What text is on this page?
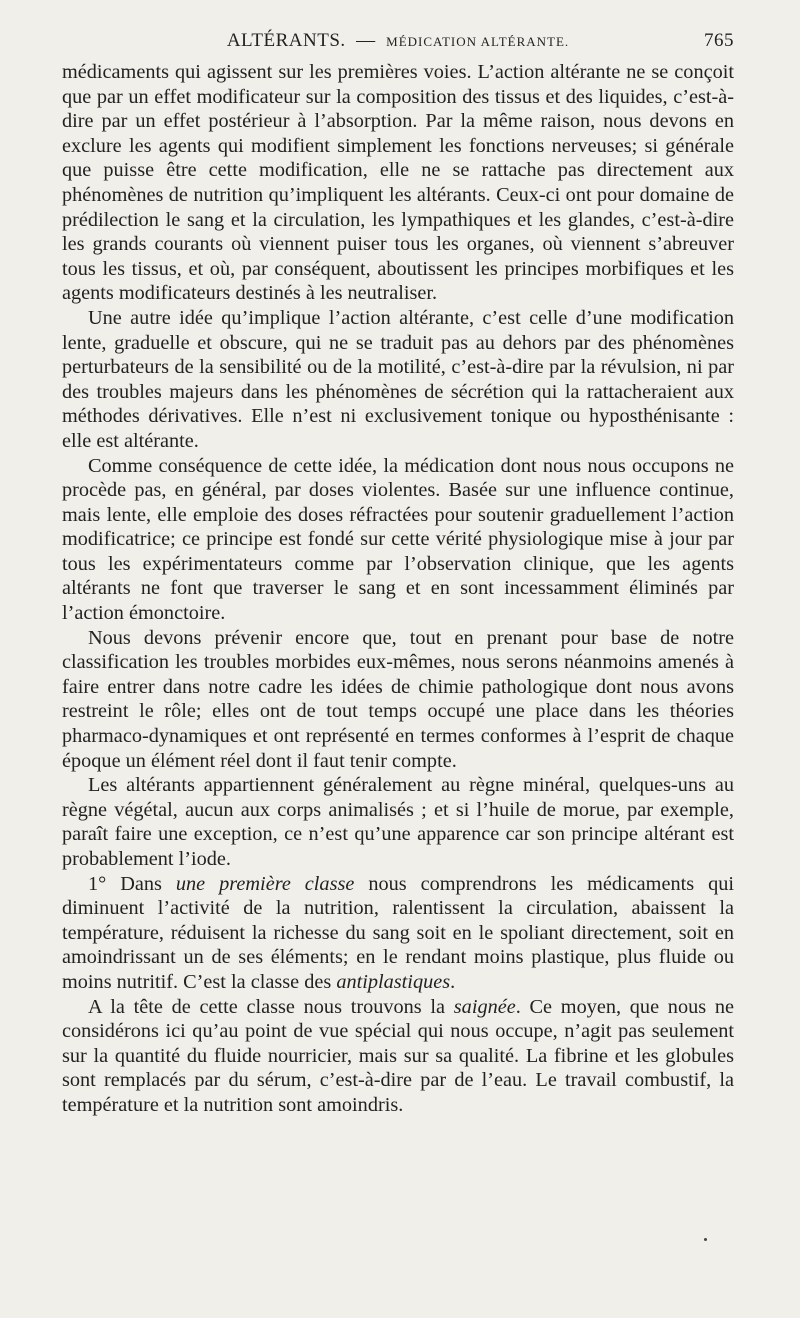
ALTÉRANTS. — MÉDICATION ALTÉRANTE.	765

médicaments qui agissent sur les premières voies. L’action altérante ne se conçoit que par un effet modificateur sur la composition des tissus et des liquides, c’est-à-dire par un effet postérieur à l’absorption. Par la même raison, nous devons en exclure les agents qui modifient simplement les fonctions nerveuses; si générale que puisse être cette modification, elle ne se rattache pas directement aux phénomènes de nutrition qu’impliquent les altérants. Ceux-ci ont pour domaine de prédilection le sang et la circulation, les lympathiques et les glandes, c’est-à-dire les grands courants où viennent puiser tous les organes, où viennent s’abreuver tous les tissus, et où, par conséquent, aboutissent les principes morbifiques et les agents modificateurs destinés à les neutraliser.

Une autre idée qu’implique l’action altérante, c’est celle d’une modification lente, graduelle et obscure, qui ne se traduit pas au dehors par des phénomènes perturbateurs de la sensibilité ou de la motilité, c’est-à-dire par la révulsion, ni par des troubles majeurs dans les phénomènes de sécrétion qui la rattacheraient aux méthodes dérivatives. Elle n’est ni exclusivement tonique ou hyposthénisante : elle est altérante.

Comme conséquence de cette idée, la médication dont nous nous occupons ne procède pas, en général, par doses violentes. Basée sur une influence continue, mais lente, elle emploie des doses réfractées pour soutenir graduellement l’action modificatrice; ce principe est fondé sur cette vérité physiologique mise à jour par tous les expérimentateurs comme par l’observation clinique, que les agents altérants ne font que traverser le sang et en sont incessamment éliminés par l’action émonctoire.

Nous devons prévenir encore que, tout en prenant pour base de notre classification les troubles morbides eux-mêmes, nous serons néanmoins amenés à faire entrer dans notre cadre les idées de chimie pathologique dont nous avons restreint le rôle; elles ont de tout temps occupé une place dans les théories pharmaco-dynamiques et ont représenté en termes conformes à l’esprit de chaque époque un élément réel dont il faut tenir compte.

Les altérants appartiennent généralement au règne minéral, quelques-uns au règne végétal, aucun aux corps animalisés ; et si l’huile de morue, par exemple, paraît faire une exception, ce n’est qu’une apparence car son principe altérant est probablement l’iode.

1° Dans une première classe nous comprendrons les médicaments qui diminuent l’activité de la nutrition, ralentissent la circulation, abaissent la température, réduisent la richesse du sang soit en le spoliant directement, soit en amoindrissant un de ses éléments; en le rendant moins plastique, plus fluide ou moins nutritif. C’est la classe des antiplastiques.

A la tête de cette classe nous trouvons la saignée. Ce moyen, que nous ne considérons ici qu’au point de vue spécial qui nous occupe, n’agit pas seulement sur la quantité du fluide nourricier, mais sur sa qualité. La fibrine et les globules sont remplacés par du sérum, c’est-à-dire par de l’eau. Le travail combustif, la température et la nutrition sont amoindris.
